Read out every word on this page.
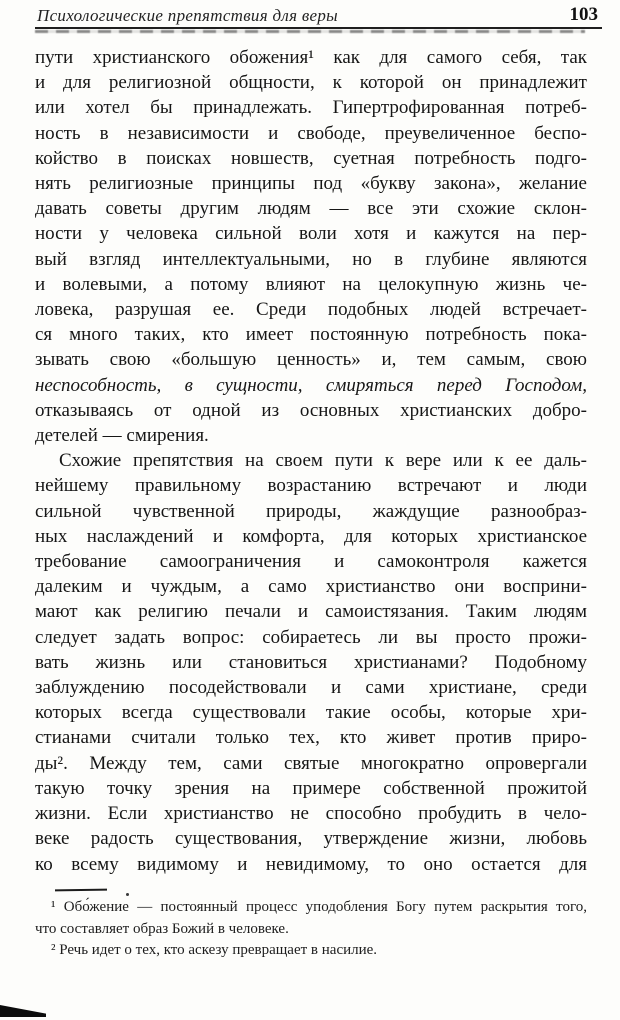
Психологические препятствия для веры	103
пути христианского обожения¹ как для самого себя, так
и для религиозной общности, к которой он принадлежит
или хотел бы принадлежать. Гипертрофированная потреб-
ность в независимости и свободе, преувеличенное беспо-
койство в поисках новшеств, суетная потребность подго-
нять религиозные принципы под «букву закона», желание
давать советы другим людям — все эти схожие склон-
ности у человека сильной воли хотя и кажутся на пер-
вый взгляд интеллектуальными, но в глубине являются
и волевыми, а потому влияют на целокупную жизнь че-
ловека, разрушая ее. Среди подобных людей встречает-
ся много таких, кто имеет постоянную потребность пока-
зывать свою «большую ценность» и, тем самым, свою
неспособность, в сущности, смиряться перед Господом,
отказываясь от одной из основных христианских добро-
детелей — смирения.
Схожие препятствия на своем пути к вере или к ее даль-
нейшему правильному возрастанию встречают и люди
сильной чувственной природы, жаждущие разнообраз-
ных наслаждений и комфорта, для которых христианское
требование самоограничения и самоконтроля кажется
далеким и чуждым, а само христианство они восприни-
мают как религию печали и самоистязания. Таким людям
следует задать вопрос: собираетесь ли вы просто прожи-
вать жизнь или становиться христианами? Подобному
заблуждению посодействовали и сами христиане, среди
которых всегда существовали такие особы, которые хри-
стианами считали только тех, кто живет против приро-
ды². Между тем, сами святые многократно опровергали
такую точку зрения на примере собственной прожитой
жизни. Если христианство не способно пробудить в чело-
веке радость существования, утверждение жизни, любовь
ко всему видимому и невидимому, то оно остается для
¹ Обо́жение — постоянный процесс уподобления Богу путем раскрытия того,
что составляет образ Божий в человеке.
² Речь идет о тех, кто аскезу превращает в насилие.
